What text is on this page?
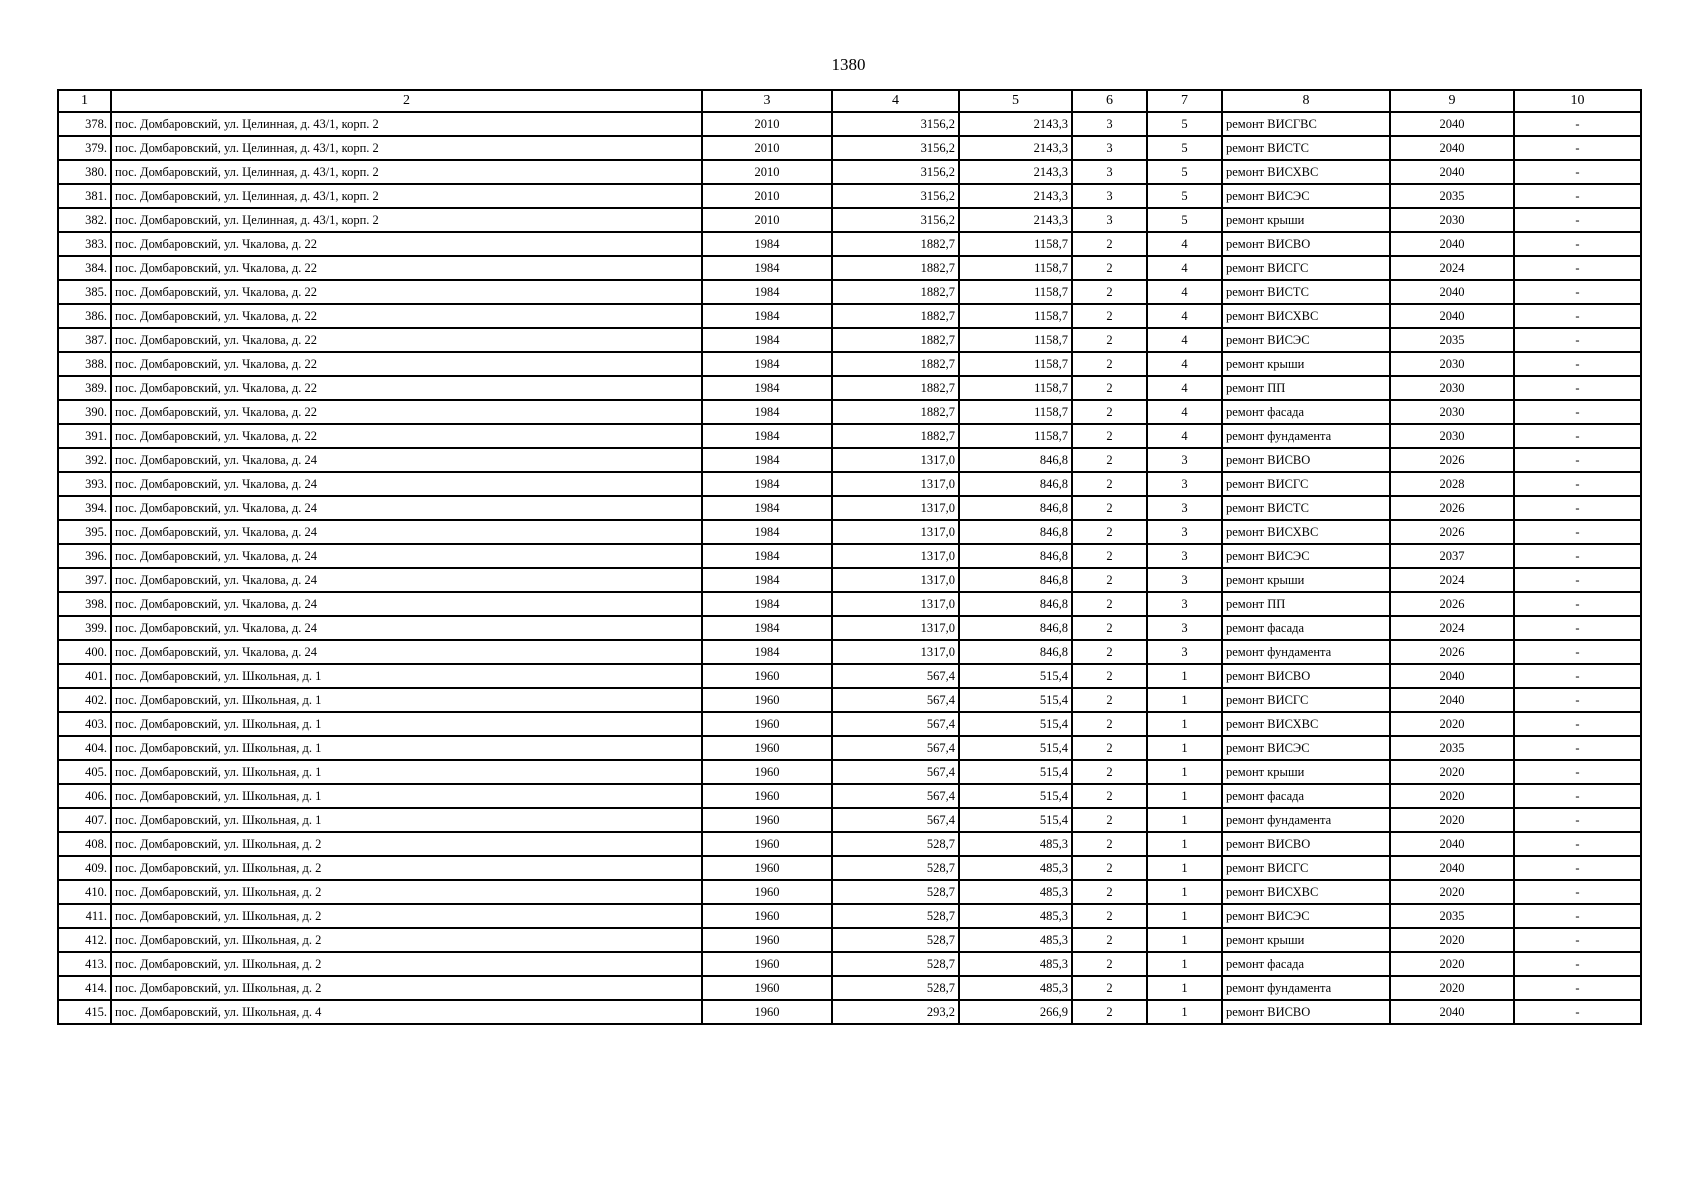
1380
1	2	3	4	5	6	7	8	9	10
378.	пос. Домбаровский, ул. Целинная, д. 43/1, корп. 2	2010	3156,2	2143,3	3	5	ремонт ВИСГВС	2040	-
379.	пос. Домбаровский, ул. Целинная, д. 43/1, корп. 2	2010	3156,2	2143,3	3	5	ремонт ВИСТС	2040	-
380.	пос. Домбаровский, ул. Целинная, д. 43/1, корп. 2	2010	3156,2	2143,3	3	5	ремонт ВИСХВС	2040	-
381.	пос. Домбаровский, ул. Целинная, д. 43/1, корп. 2	2010	3156,2	2143,3	3	5	ремонт ВИСЭС	2035	-
382.	пос. Домбаровский, ул. Целинная, д. 43/1, корп. 2	2010	3156,2	2143,3	3	5	ремонт крыши	2030	-
383.	пос. Домбаровский, ул. Чкалова, д. 22	1984	1882,7	1158,7	2	4	ремонт ВИСВО	2040	-
384.	пос. Домбаровский, ул. Чкалова, д. 22	1984	1882,7	1158,7	2	4	ремонт ВИСГС	2024	-
385.	пос. Домбаровский, ул. Чкалова, д. 22	1984	1882,7	1158,7	2	4	ремонт ВИСТС	2040	-
386.	пос. Домбаровский, ул. Чкалова, д. 22	1984	1882,7	1158,7	2	4	ремонт ВИСХВС	2040	-
387.	пос. Домбаровский, ул. Чкалова, д. 22	1984	1882,7	1158,7	2	4	ремонт ВИСЭС	2035	-
388.	пос. Домбаровский, ул. Чкалова, д. 22	1984	1882,7	1158,7	2	4	ремонт крыши	2030	-
389.	пос. Домбаровский, ул. Чкалова, д. 22	1984	1882,7	1158,7	2	4	ремонт ПП	2030	-
390.	пос. Домбаровский, ул. Чкалова, д. 22	1984	1882,7	1158,7	2	4	ремонт фасада	2030	-
391.	пос. Домбаровский, ул. Чкалова, д. 22	1984	1882,7	1158,7	2	4	ремонт фундамента	2030	-
392.	пос. Домбаровский, ул. Чкалова, д. 24	1984	1317,0	846,8	2	3	ремонт ВИСВО	2026	-
393.	пос. Домбаровский, ул. Чкалова, д. 24	1984	1317,0	846,8	2	3	ремонт ВИСГС	2028	-
394.	пос. Домбаровский, ул. Чкалова, д. 24	1984	1317,0	846,8	2	3	ремонт ВИСТС	2026	-
395.	пос. Домбаровский, ул. Чкалова, д. 24	1984	1317,0	846,8	2	3	ремонт ВИСХВС	2026	-
396.	пос. Домбаровский, ул. Чкалова, д. 24	1984	1317,0	846,8	2	3	ремонт ВИСЭС	2037	-
397.	пос. Домбаровский, ул. Чкалова, д. 24	1984	1317,0	846,8	2	3	ремонт крыши	2024	-
398.	пос. Домбаровский, ул. Чкалова, д. 24	1984	1317,0	846,8	2	3	ремонт ПП	2026	-
399.	пос. Домбаровский, ул. Чкалова, д. 24	1984	1317,0	846,8	2	3	ремонт фасада	2024	-
400.	пос. Домбаровский, ул. Чкалова, д. 24	1984	1317,0	846,8	2	3	ремонт фундамента	2026	-
401.	пос. Домбаровский, ул. Школьная, д. 1	1960	567,4	515,4	2	1	ремонт ВИСВО	2040	-
402.	пос. Домбаровский, ул. Школьная, д. 1	1960	567,4	515,4	2	1	ремонт ВИСГС	2040	-
403.	пос. Домбаровский, ул. Школьная, д. 1	1960	567,4	515,4	2	1	ремонт ВИСХВС	2020	-
404.	пос. Домбаровский, ул. Школьная, д. 1	1960	567,4	515,4	2	1	ремонт ВИСЭС	2035	-
405.	пос. Домбаровский, ул. Школьная, д. 1	1960	567,4	515,4	2	1	ремонт крыши	2020	-
406.	пос. Домбаровский, ул. Школьная, д. 1	1960	567,4	515,4	2	1	ремонт фасада	2020	-
407.	пос. Домбаровский, ул. Школьная, д. 1	1960	567,4	515,4	2	1	ремонт фундамента	2020	-
408.	пос. Домбаровский, ул. Школьная, д. 2	1960	528,7	485,3	2	1	ремонт ВИСВО	2040	-
409.	пос. Домбаровский, ул. Школьная, д. 2	1960	528,7	485,3	2	1	ремонт ВИСГС	2040	-
410.	пос. Домбаровский, ул. Школьная, д. 2	1960	528,7	485,3	2	1	ремонт ВИСХВС	2020	-
411.	пос. Домбаровский, ул. Школьная, д. 2	1960	528,7	485,3	2	1	ремонт ВИСЭС	2035	-
412.	пос. Домбаровский, ул. Школьная, д. 2	1960	528,7	485,3	2	1	ремонт крыши	2020	-
413.	пос. Домбаровский, ул. Школьная, д. 2	1960	528,7	485,3	2	1	ремонт фасада	2020	-
414.	пос. Домбаровский, ул. Школьная, д. 2	1960	528,7	485,3	2	1	ремонт фундамента	2020	-
415.	пос. Домбаровский, ул. Школьная, д. 4	1960	293,2	266,9	2	1	ремонт ВИСВО	2040	-
